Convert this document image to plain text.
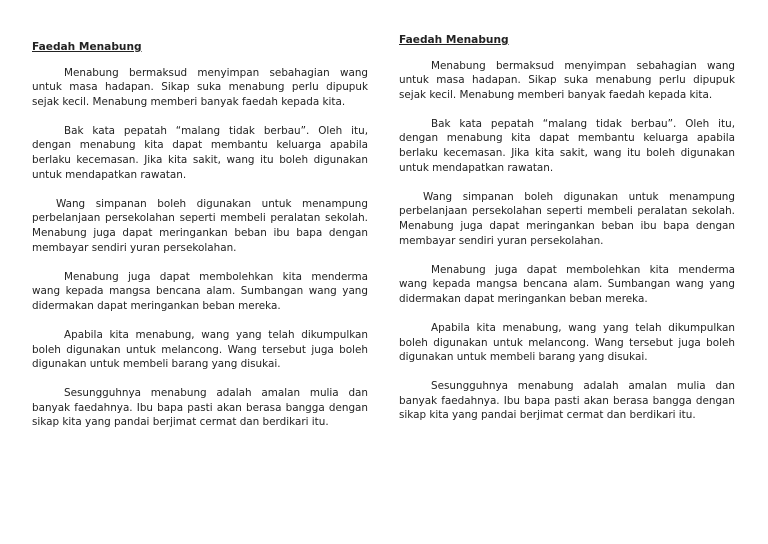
Faedah Menabung

Menabung bermaksud menyimpan sebahagian wang untuk masa hadapan. Sikap suka menabung perlu dipupuk sejak kecil. Menabung memberi banyak faedah kepada kita.

Bak kata pepatah “malang tidak berbau”. Oleh itu, dengan menabung kita dapat membantu keluarga apabila berlaku kecemasan. Jika kita sakit, wang itu boleh digunakan untuk mendapatkan rawatan.

Wang simpanan boleh digunakan untuk menampung perbelanjaan persekolahan seperti membeli peralatan sekolah. Menabung juga dapat meringankan beban ibu bapa dengan membayar sendiri yuran persekolahan.

Menabung juga dapat membolehkan kita menderma wang kepada mangsa bencana alam. Sumbangan wang yang didermakan dapat meringankan beban mereka.

Apabila kita menabung, wang yang telah dikumpulkan boleh digunakan untuk melancong. Wang tersebut juga boleh digunakan untuk membeli barang yang disukai.

Sesungguhnya menabung adalah amalan mulia dan banyak faedahnya. Ibu bapa pasti akan berasa bangga dengan sikap kita yang pandai berjimat cermat dan berdikari itu.

Faedah Menabung

Menabung bermaksud menyimpan sebahagian wang untuk masa hadapan. Sikap suka menabung perlu dipupuk sejak kecil. Menabung memberi banyak faedah kepada kita.

Bak kata pepatah “malang tidak berbau”. Oleh itu, dengan menabung kita dapat membantu keluarga apabila berlaku kecemasan. Jika kita sakit, wang itu boleh digunakan untuk mendapatkan rawatan.

Wang simpanan boleh digunakan untuk menampung perbelanjaan persekolahan seperti membeli peralatan sekolah. Menabung juga dapat meringankan beban ibu bapa dengan membayar sendiri yuran persekolahan.

Menabung juga dapat membolehkan kita menderma wang kepada mangsa bencana alam. Sumbangan wang yang didermakan dapat meringankan beban mereka.

Apabila kita menabung, wang yang telah dikumpulkan boleh digunakan untuk melancong. Wang tersebut juga boleh digunakan untuk membeli barang yang disukai.

Sesungguhnya menabung adalah amalan mulia dan banyak faedahnya. Ibu bapa pasti akan berasa bangga dengan sikap kita yang pandai berjimat cermat dan berdikari itu.
